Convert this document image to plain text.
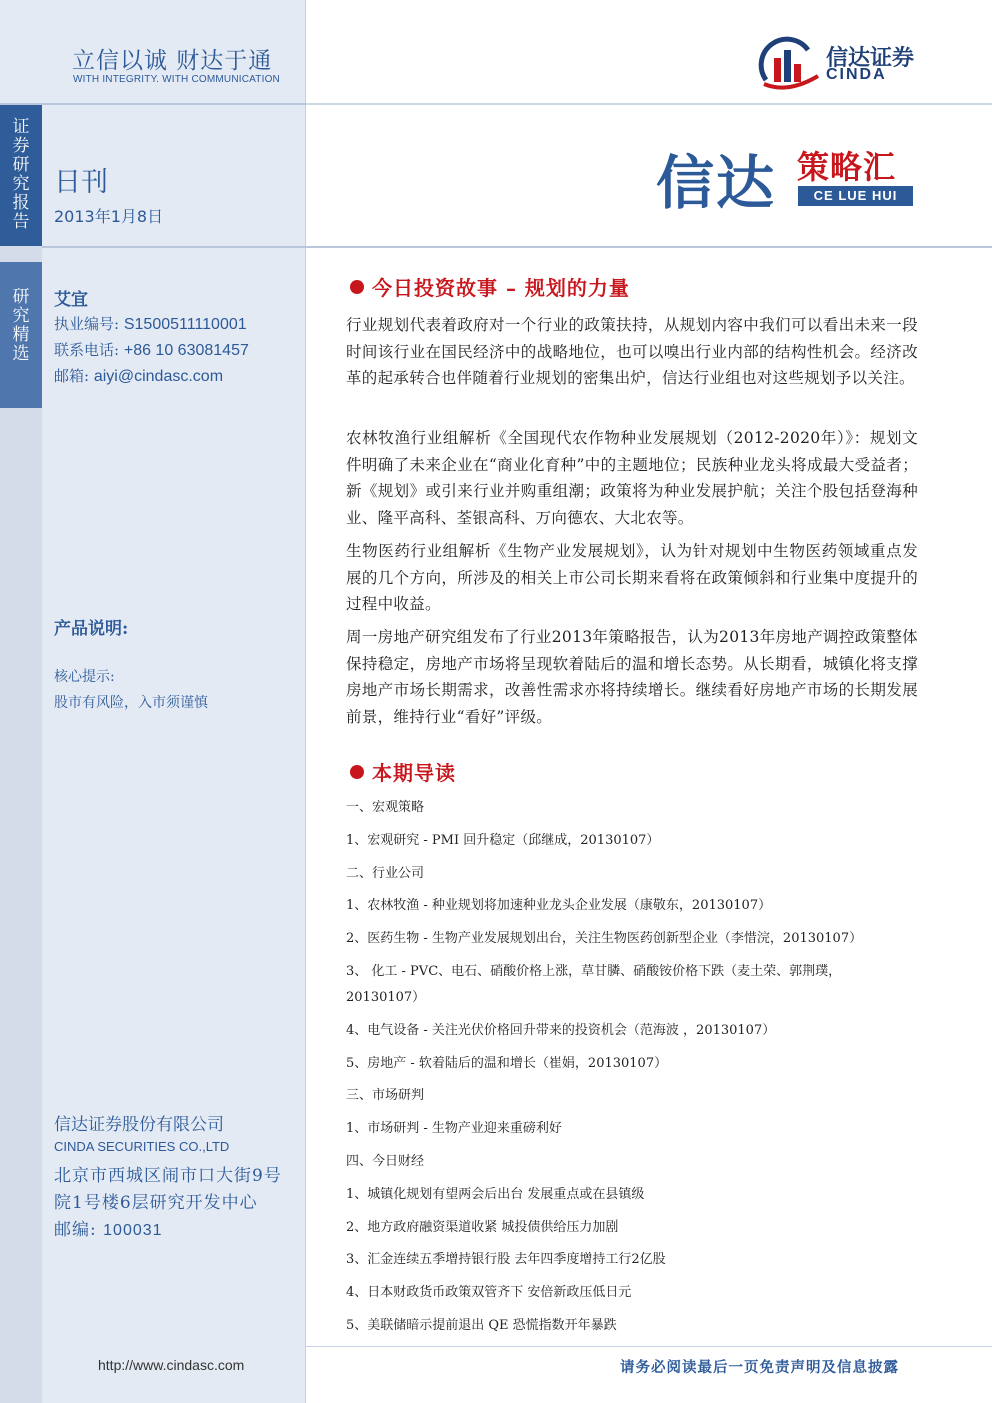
证券研究报告
研究精选
立信以诚 财达于通
WITH INTEGRITY. WITH COMMUNICATION
日刊
2013年1月8日
艾宜
执业编号: S1500511110001
联系电话: +86 10 63081457
邮箱: aiyi@cindasc.com
产品说明:
核心提示:
股市有风险，入市须谨慎
信达证券股份有限公司
CINDA SECURITIES CO.,LTD
北京市西城区闹市口大街9号
院1号楼6层研究开发中心
邮编: 100031
http://www.cindasc.com
信达证券
CINDA
信达 策略汇
CE LUE HUI
今日投资故事 – 规划的力量
行业规划代表着政府对一个行业的政策扶持，从规划内容中我们可以看出未来一段时间该行业在国民经济中的战略地位，也可以嗅出行业内部的结构性机会。经济改革的起承转合也伴随着行业规划的密集出炉，信达行业组也对这些规划予以关注。
农林牧渔行业组解析《全国现代农作物种业发展规划（2012-2020年）》：规划文件明确了未来企业在“商业化育种”中的主题地位；民族种业龙头将成最大受益者；新《规划》或引来行业并购重组潮；政策将为种业发展护航；关注个股包括登海种业、隆平高科、荃银高科、万向德农、大北农等。
生物医药行业组解析《生物产业发展规划》，认为针对规划中生物医药领域重点发展的几个方向，所涉及的相关上市公司长期来看将在政策倾斜和行业集中度提升的过程中收益。
周一房地产研究组发布了行业2013年策略报告，认为2013年房地产调控政策整体保持稳定，房地产市场将呈现软着陆后的温和增长态势。从长期看，城镇化将支撑房地产市场长期需求，改善性需求亦将持续增长。继续看好房地产市场的长期发展前景，维持行业“看好”评级。
本期导读
一、宏观策略
1、宏观研究 - PMI 回升稳定（邱继成，20130107）
二、行业公司
1、农林牧渔 - 种业规划将加速种业龙头企业发展（康敬东，20130107）
2、医药生物 - 生物产业发展规划出台，关注生物医药创新型企业（李惜浣，20130107）
3、 化工 - PVC、电石、硝酸价格上涨，草甘膦、硝酸铵价格下跌（麦土荣、郭荆璞，
20130107）
4、电气设备 - 关注光伏价格回升带来的投资机会（范海波 ，20130107）
5、房地产 - 软着陆后的温和增长（崔娟，20130107）
三、市场研判
1、市场研判 - 生物产业迎来重磅利好
四、今日财经
1、城镇化规划有望两会后出台 发展重点或在县镇级
2、地方政府融资渠道收紧 城投债供给压力加剧
3、汇金连续五季增持银行股 去年四季度增持工行2亿股
4、日本财政货币政策双管齐下 安倍新政压低日元
5、美联储暗示提前退出 QE 恐慌指数开年暴跌
请务必阅读最后一页免责声明及信息披露
